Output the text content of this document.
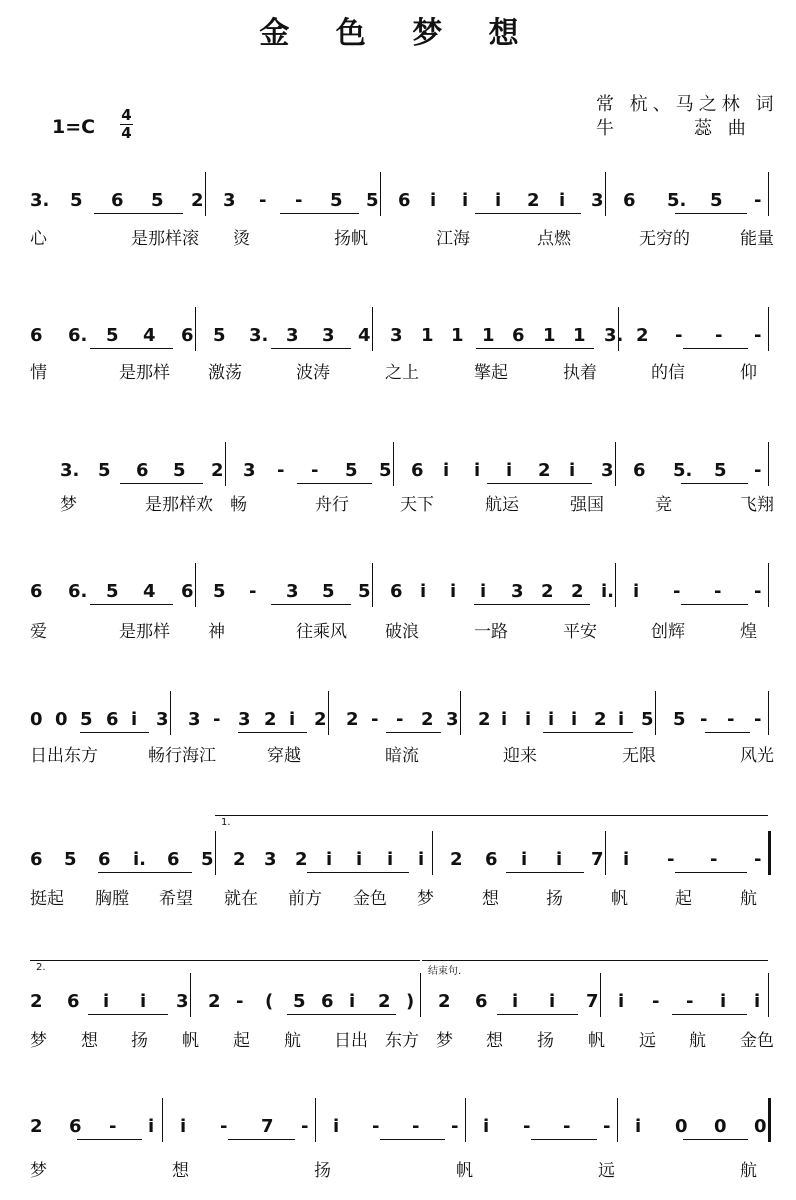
金 色 梦 想
常 杭、马之林 词
牛       蕊 曲
1=C
4
4
3. 5 6 5 2 3 - - 5 5 6 i i i 2 i 3 6 5. 5 -
心	是那样滚 烫	扬帆	江海	点燃	无穷的	能量
6 6. 5 4 6 5 3. 3 3 4 3 1 1 1 6 1 1 3. 2 - - -
情	是那样 激荡	波涛	之上	擎起	执着	的信	仰
3. 5 6 5 2 3 - - 5 5 6 i i i 2 i 3 6 5. 5 -
梦	是那样欢 畅	舟行	天下	航运	强国	竞	飞翔
6 6. 5 4 6 5 - 3 5 5 6 i i i 3 2 2 i. i - - -
爱	是那样 神	往乘风 破浪	一路	平安	创辉	煌
0 0 5 6 i 3 3 - 3 2 i 2 2 - - 2 3 2 i i i i 2 i 5 5 - - -
日出东方	畅行海江	穿越	暗流	迎来	无限	风光
6 5 6 i. 6 5 2 3 2 i i i i 2 6 i i 7 i - - -
挺起 胸膛 希望 就在 前方 金色 梦	想	扬	帆	起	航
2 6 i i 3 2 - ( 5 6 i 2 ) 2 6 i i 7 i - - i i
梦 想 扬 帆 起 航 日出 东方 梦 想 扬 帆 远 航 金色
2 6 - i i - 7 - i - - - i - - - i 0 0 0
梦	想	扬	帆	远	航
1.
2.	结束句.
